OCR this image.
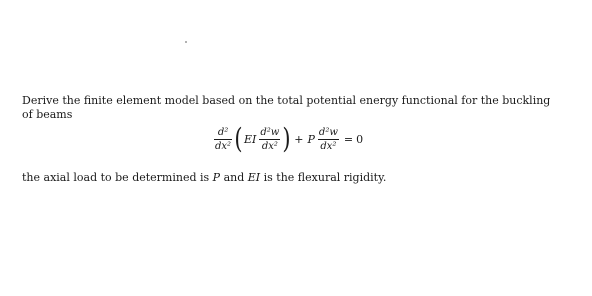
Derive the finite element model based on the total potential energy functional for the buckling
of beams
$\frac{\text{d²}}{\text{dx²}}$ ( EI $\frac{\text{d²w}}{\text{dx²}}$ ) + P $\frac{\text{d²w}}{\text{dx²}} = 0$
the axial load to be determined is P and EI is the flexural rigidity.
